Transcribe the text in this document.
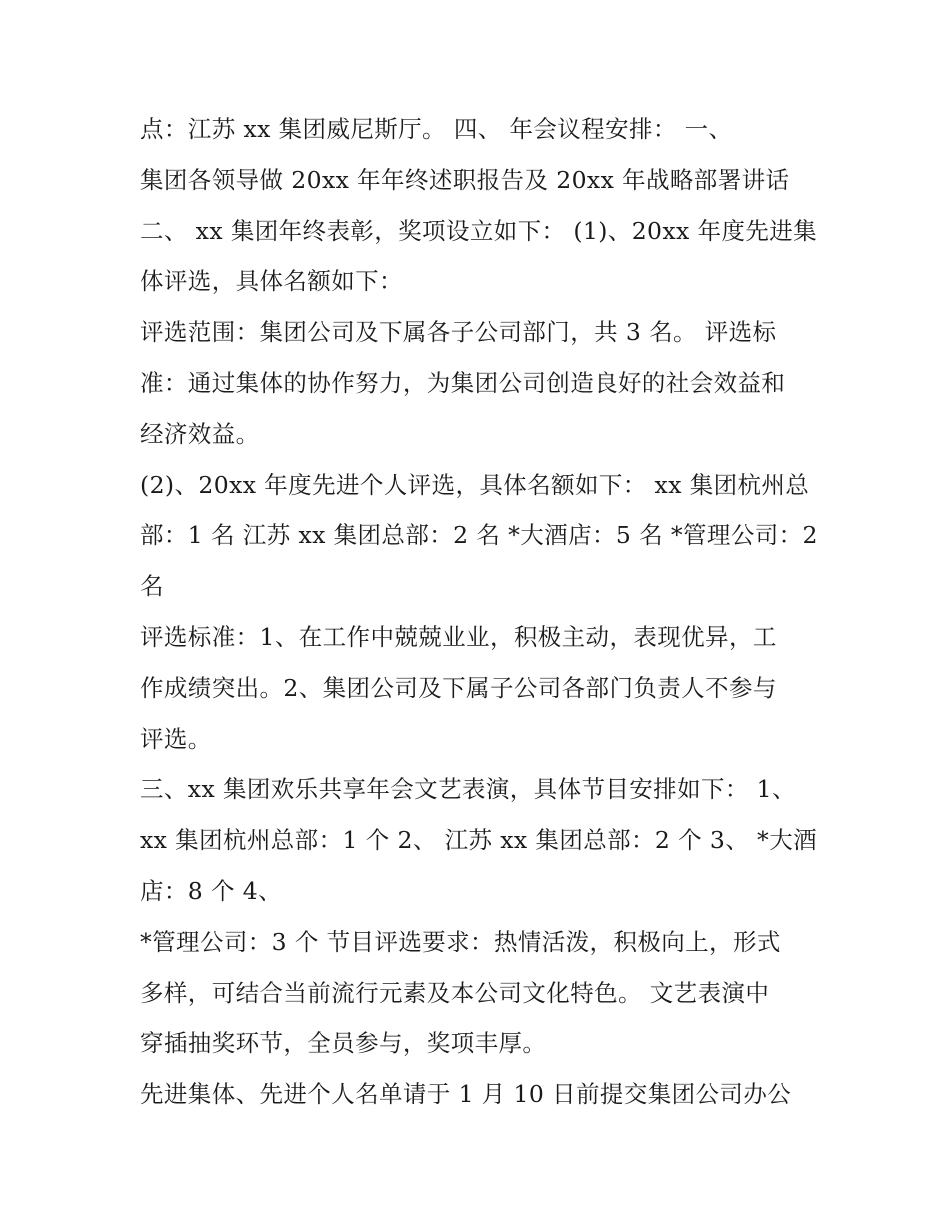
点：江苏 xx 集团威尼斯厅。 四、 年会议程安排： 一、
集团各领导做 20xx 年年终述职报告及 20xx 年战略部署讲话
二、 xx 集团年终表彰，奖项设立如下： (1)、20xx 年度先进集
体评选，具体名额如下：
评选范围：集团公司及下属各子公司部门，共 3 名。 评选标
准：通过集体的协作努力，为集团公司创造良好的社会效益和
经济效益。
(2)、20xx 年度先进个人评选，具体名额如下： xx 集团杭州总
部：1 名 江苏 xx 集团总部：2 名 *大酒店：5 名 *管理公司：2
名
评选标准：1、在工作中兢兢业业，积极主动，表现优异，工
作成绩突出。2、集团公司及下属子公司各部门负责人不参与
评选。
三、xx 集团欢乐共享年会文艺表演，具体节目安排如下： 1、
xx 集团杭州总部：1 个 2、 江苏 xx 集团总部：2 个 3、 *大酒
店：8 个 4、
*管理公司：3 个 节目评选要求：热情活泼，积极向上，形式
多样，可结合当前流行元素及本公司文化特色。 文艺表演中
穿插抽奖环节，全员参与，奖项丰厚。
先进集体、先进个人名单请于 1 月 10 日前提交集团公司办公
